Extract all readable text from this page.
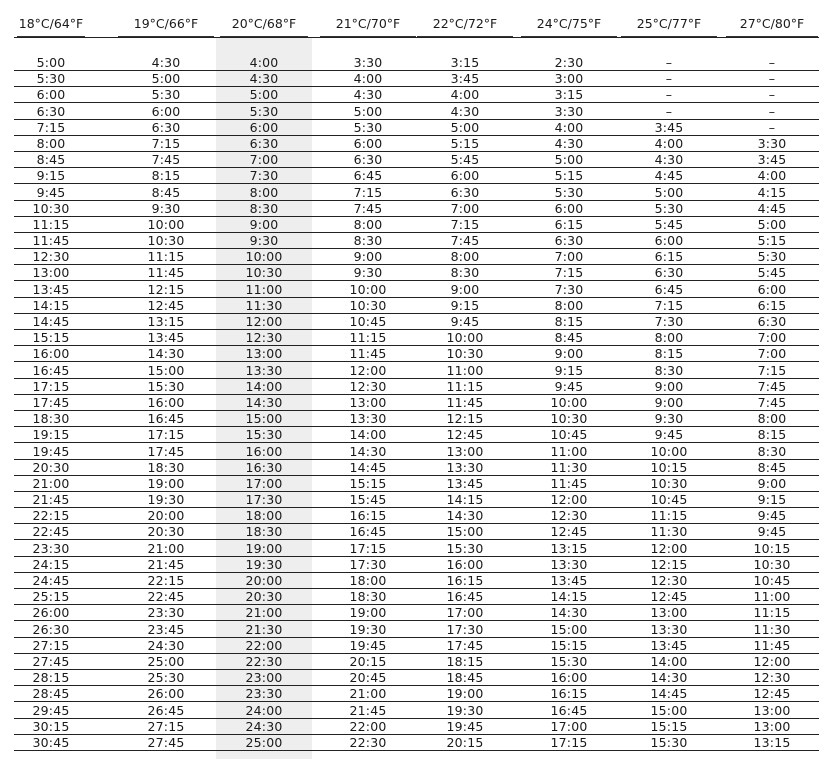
18°C/64°F	19°C/66°F	20°C/68°F	21°C/70°F	22°C/72°F	24°C/75°F	25°C/77°F	27°C/80°F
5:00	4:30	4:00	3:30	3:15	2:30	–	–
5:30	5:00	4:30	4:00	3:45	3:00	–	–
6:00	5:30	5:00	4:30	4:00	3:15	–	–
6:30	6:00	5:30	5:00	4:30	3:30	–	–
7:15	6:30	6:00	5:30	5:00	4:00	3:45	–
8:00	7:15	6:30	6:00	5:15	4:30	4:00	3:30
8:45	7:45	7:00	6:30	5:45	5:00	4:30	3:45
9:15	8:15	7:30	6:45	6:00	5:15	4:45	4:00
9:45	8:45	8:00	7:15	6:30	5:30	5:00	4:15
10:30	9:30	8:30	7:45	7:00	6:00	5:30	4:45
11:15	10:00	9:00	8:00	7:15	6:15	5:45	5:00
11:45	10:30	9:30	8:30	7:45	6:30	6:00	5:15
12:30	11:15	10:00	9:00	8:00	7:00	6:15	5:30
13:00	11:45	10:30	9:30	8:30	7:15	6:30	5:45
13:45	12:15	11:00	10:00	9:00	7:30	6:45	6:00
14:15	12:45	11:30	10:30	9:15	8:00	7:15	6:15
14:45	13:15	12:00	10:45	9:45	8:15	7:30	6:30
15:15	13:45	12:30	11:15	10:00	8:45	8:00	7:00
16:00	14:30	13:00	11:45	10:30	9:00	8:15	7:00
16:45	15:00	13:30	12:00	11:00	9:15	8:30	7:15
17:15	15:30	14:00	12:30	11:15	9:45	9:00	7:45
17:45	16:00	14:30	13:00	11:45	10:00	9:00	7:45
18:30	16:45	15:00	13:30	12:15	10:30	9:30	8:00
19:15	17:15	15:30	14:00	12:45	10:45	9:45	8:15
19:45	17:45	16:00	14:30	13:00	11:00	10:00	8:30
20:30	18:30	16:30	14:45	13:30	11:30	10:15	8:45
21:00	19:00	17:00	15:15	13:45	11:45	10:30	9:00
21:45	19:30	17:30	15:45	14:15	12:00	10:45	9:15
22:15	20:00	18:00	16:15	14:30	12:30	11:15	9:45
22:45	20:30	18:30	16:45	15:00	12:45	11:30	9:45
23:30	21:00	19:00	17:15	15:30	13:15	12:00	10:15
24:15	21:45	19:30	17:30	16:00	13:30	12:15	10:30
24:45	22:15	20:00	18:00	16:15	13:45	12:30	10:45
25:15	22:45	20:30	18:30	16:45	14:15	12:45	11:00
26:00	23:30	21:00	19:00	17:00	14:30	13:00	11:15
26:30	23:45	21:30	19:30	17:30	15:00	13:30	11:30
27:15	24:30	22:00	19:45	17:45	15:15	13:45	11:45
27:45	25:00	22:30	20:15	18:15	15:30	14:00	12:00
28:15	25:30	23:00	20:45	18:45	16:00	14:30	12:30
28:45	26:00	23:30	21:00	19:00	16:15	14:45	12:45
29:45	26:45	24:00	21:45	19:30	16:45	15:00	13:00
30:15	27:15	24:30	22:00	19:45	17:00	15:15	13:00
30:45	27:45	25:00	22:30	20:15	17:15	15:30	13:15
